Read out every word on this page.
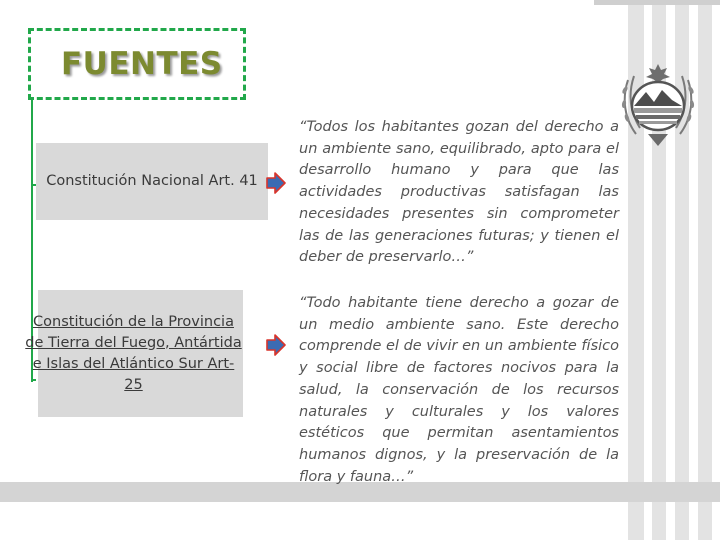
FUENTES
Constitución Nacional Art. 41
“Todos los habitantes gozan del derecho a un ambiente sano, equilibrado, apto para el desarrollo humano y para que las actividades productivas satisfagan las necesidades presentes sin comprometer las de las generaciones futuras; y tienen el deber de preservarlo…”
Constitución de la Provincia de Tierra del Fuego, Antártida e Islas del Atlántico Sur Art- 25
“Todo habitante tiene derecho a gozar de un medio ambiente sano. Este derecho comprende el de vivir en un ambiente físico y social libre de factores nocivos para la salud, la conservación de los recursos naturales y culturales y los valores estéticos que permitan asentamientos humanos dignos, y la preservación de la flora y fauna…”
